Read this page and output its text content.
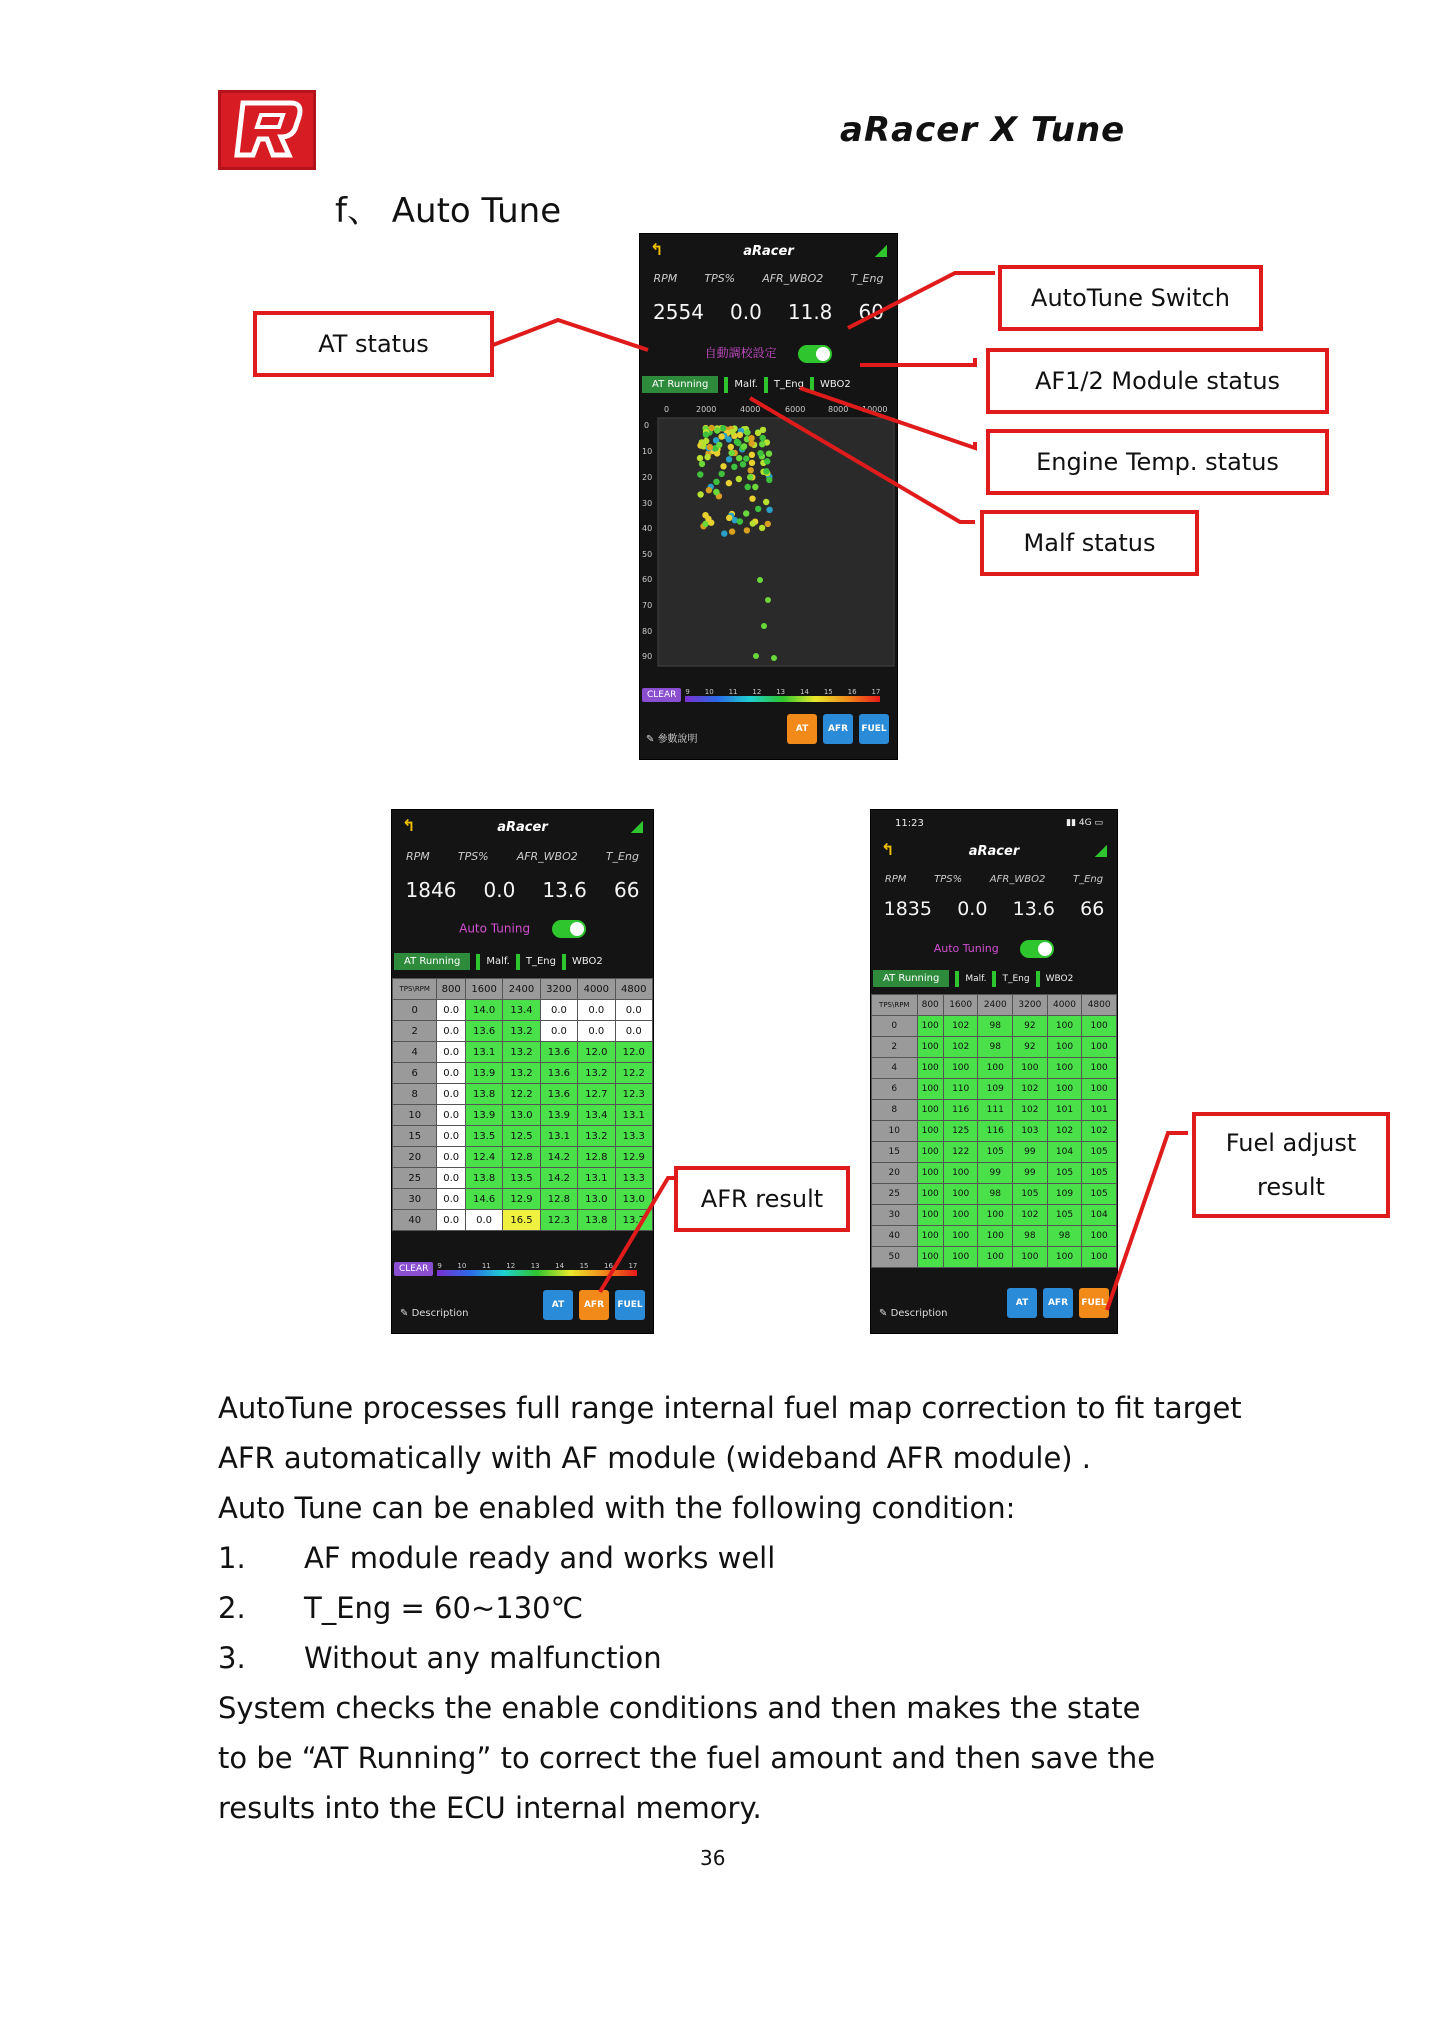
aRacer X Tune
f、 Auto Tune
↰	aRacer	◢
RPM TPS% AFR_WBO2 T_Eng
2554 0.0 11.8 60
自動調校設定
AT Running	Malf. T_Eng WBO2
0	2000	4000	6000	8000 10000
0
10
20
30
40
50
60
70
80
90
CLEAR	9 10 11 12 13 14 15 16 17
✎ 參數說明
AT	AFR	FUEL
↰	aRacer	◢
RPM	TPS%	AFR_WBO2	T_Eng
1846 0.0 13.6 66
Auto Tuning
AT Running	Malf. T_Eng WBO2
TPS\RPM	800	1600	2400	3200	4000	4800
0	0.0	14.0	13.4	0.0	0.0	0.0
2	0.0	13.6	13.2	0.0	0.0	0.0
4	0.0	13.1	13.2	13.6	12.0	12.0
6	0.0	13.9	13.2	13.6	13.2	12.2
8	0.0	13.8	12.2	13.6	12.7	12.3
10	0.0	13.9	13.0	13.9	13.4	13.1
15	0.0	13.5	12.5	13.1	13.2	13.3
20	0.0	12.4	12.8	14.2	12.8	12.9
25	0.0	13.8	13.5	14.2	13.1	13.3
30	0.0	14.6	12.9	12.8	13.0	13.0
40	0.0	0.0	16.5	12.3	13.8	13.7
CLEAR	9 10 11 12 13 14 15 16 17
✎ Description
AT	AFR	FUEL
11:23	▮▮ 4G ▭
↰	aRacer	◢
RPM	TPS%	AFR_WBO2	T_Eng
1835 0.0 13.6 66
Auto Tuning
AT Running	Malf. T_Eng WBO2
TPS\RPM	800	1600	2400	3200	4000	4800
0	100	102	98	92	100	100
2	100	102	98	92	100	100
4	100	100	100	100	100	100
6	100	110	109	102	100	100
8	100	116	111	102	101	101
10	100	125	116	103	102	102
15	100	122	105	99	104	105
20	100	100	99	99	105	105
25	100	100	98	105	109	105
30	100	100	100	102	105	104
40	100	100	100	98	98	100
50	100	100	100	100	100	100
✎ Description
AT	AFR	FUEL
AutoTune Switch
AT status
AF1/2 Module status
Engine Temp. status
Malf status
AFR result
Fuel adjust result
AutoTune processes full range internal fuel map correction to fit target
AFR automatically with AF module (wideband AFR module) .
Auto Tune can be enabled with the following condition:
1. AF module ready and works well
2. T_Eng = 60~130℃
3. Without any malfunction
System checks the enable conditions and then makes the state
to be “AT Running” to correct the fuel amount and then save the
results into the ECU internal memory.
36
